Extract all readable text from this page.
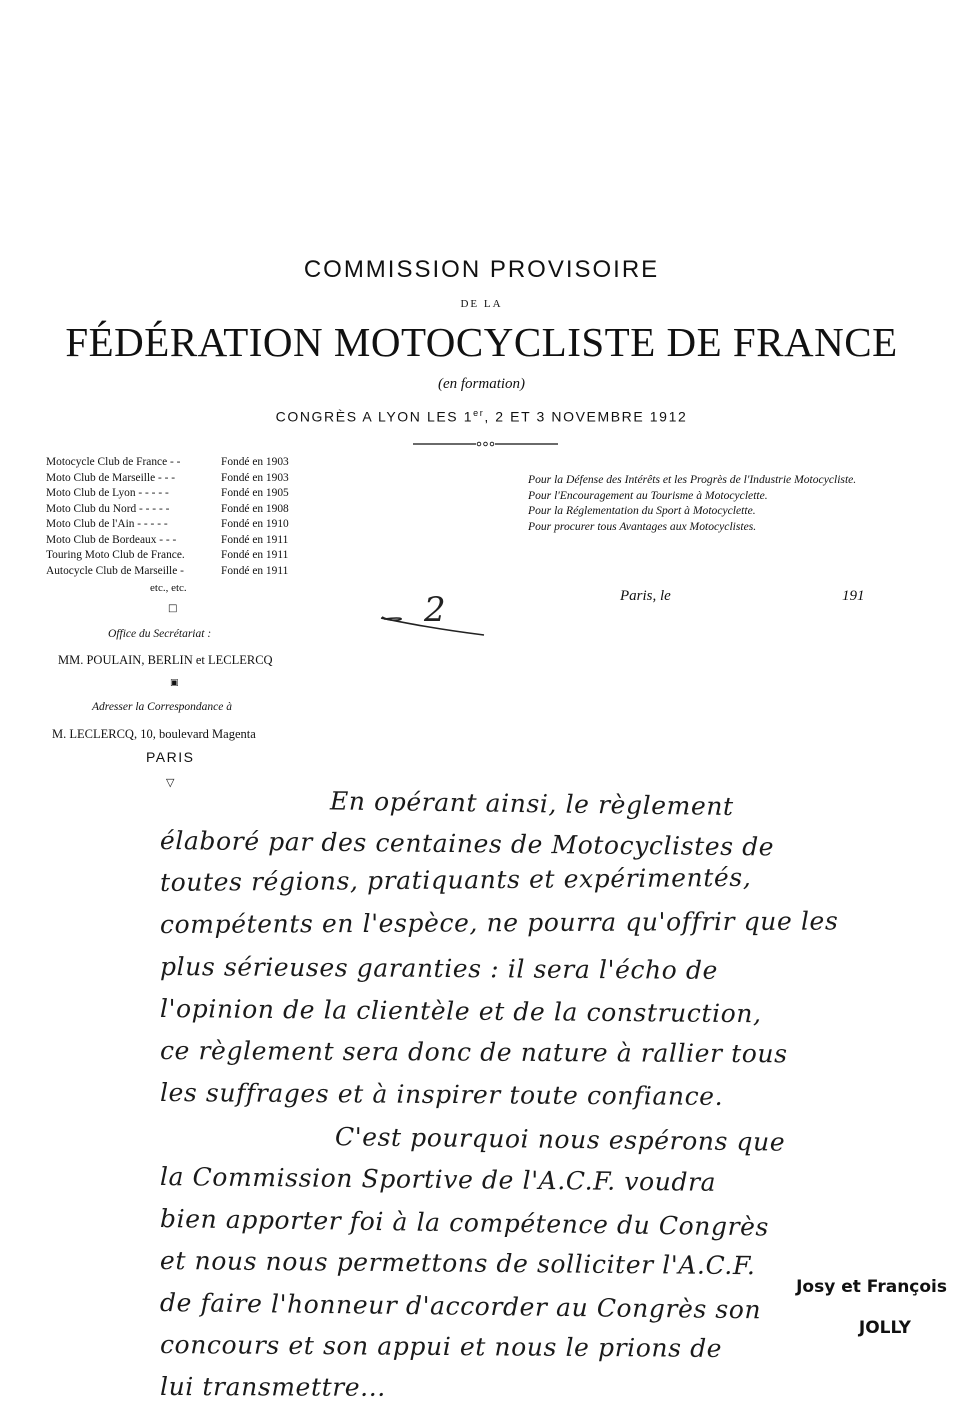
COMMISSION PROVISOIRE
DE LA
FÉDÉRATION MOTOCYCLISTE DE FRANCE
(en formation)
CONGRÈS A LYON LES 1er, 2 ET 3 NOVEMBRE 1912
Motocycle Club de France - -	Fondé en 1903
Moto Club de Marseille - - -	Fondé en 1903
Moto Club de Lyon - - - - -	Fondé en 1905
Moto Club du Nord - - - - -	Fondé en 1908
Moto Club de l'Ain - - - - -	Fondé en 1910
Moto Club de Bordeaux - - -	Fondé en 1911
Touring Moto Club de France.	Fondé en 1911
Autocycle Club de Marseille -	Fondé en 1911
etc., etc.
□
Office du Secrétariat :
MM. POULAIN, BERLIN et LECLERCQ
▣
Adresser la Correspondance à
M. LECLERCQ, 10, boulevard Magenta
PARIS
▽
Pour la Défense des Intérêts et les Progrès de l'Industrie Motocycliste.
Pour l'Encouragement au Tourisme à Motocyclette.
Pour la Réglementation du Sport à Motocyclette.
Pour procurer tous Avantages aux Motocyclistes.
Paris, le	191
2
En opérant ainsi, le règlement
élaboré par des centaines de Motocyclistes de
toutes régions, pratiquants et expérimentés,
compétents en l'espèce, ne pourra qu'offrir que les
plus sérieuses garanties : il sera l'écho de
l'opinion de la clientèle et de la construction,
ce règlement sera donc de nature à rallier tous
les suffrages et à inspirer toute confiance.
C'est pourquoi nous espérons que
la Commission Sportive de l'A.C.F. voudra
bien apporter foi à la compétence du Congrès
et nous nous permettons de solliciter l'A.C.F.
de faire l'honneur d'accorder au Congrès son
concours et son appui et nous le prions de
lui transmettre...
Josy et François
JOLLY
